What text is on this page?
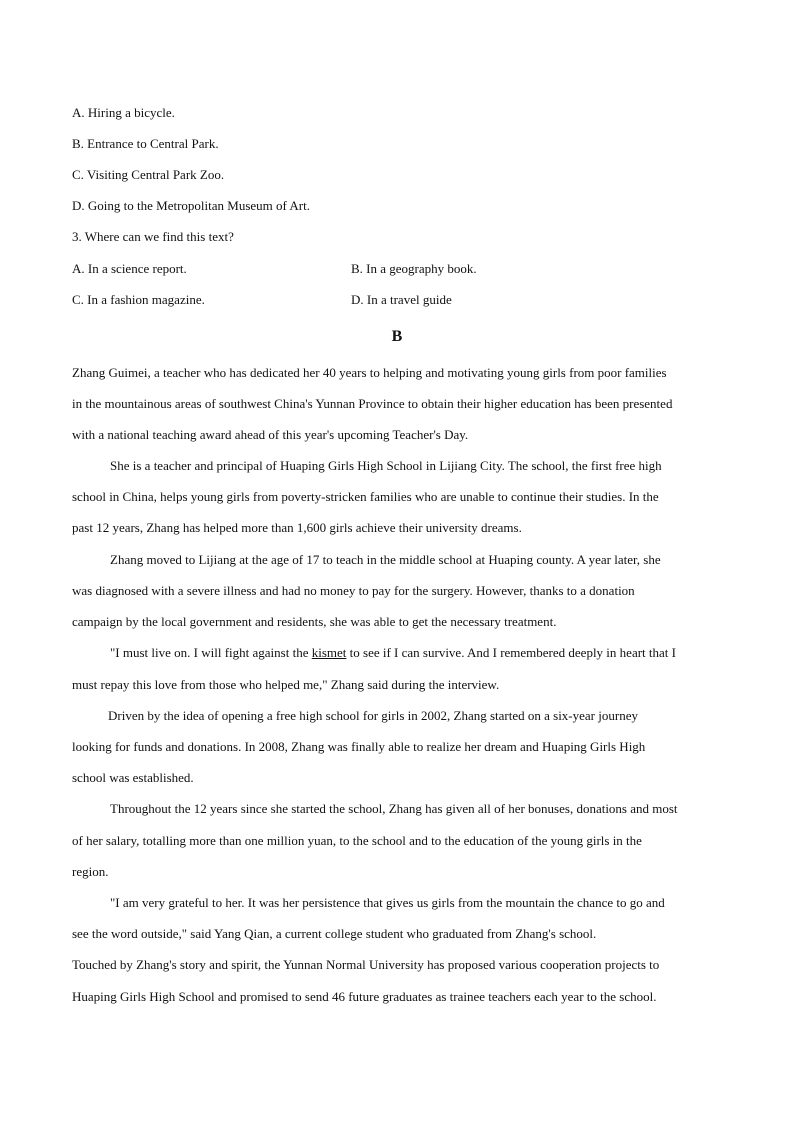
A. Hiring a bicycle.
B. Entrance to Central Park.
C. Visiting Central Park Zoo.
D. Going to the Metropolitan Museum of Art.
3. Where can we find this text?
A. In a science report.	B. In a geography book.
C. In a fashion magazine.	D. In a travel guide
B
Zhang Guimei, a teacher who has dedicated her 40 years to helping and motivating young girls from poor families
in the mountainous areas of southwest China's Yunnan Province to obtain their higher education has been presented
with a national teaching award ahead of this year's upcoming Teacher's Day.
She is a teacher and principal of Huaping Girls High School in Lijiang City. The school, the first free high
school in China, helps young girls from poverty-stricken families who are unable to continue their studies. In the
past 12 years, Zhang has helped more than 1,600 girls achieve their university dreams.
Zhang moved to Lijiang at the age of 17 to teach in the middle school at Huaping county. A year later, she
was diagnosed with a severe illness and had no money to pay for the surgery. However, thanks to a donation
campaign by the local government and residents, she was able to get the necessary treatment.
"I must live on. I will fight against the kismet to see if I can survive. And I remembered deeply in heart that I
must repay this love from those who helped me," Zhang said during the interview.
Driven by the idea of opening a free high school for girls in 2002, Zhang started on a six-year journey
looking for funds and donations. In 2008, Zhang was finally able to realize her dream and Huaping Girls High
school was established.
Throughout the 12 years since she started the school, Zhang has given all of her bonuses, donations and most
of her salary, totalling more than one million yuan, to the school and to the education of the young girls in the
region.
"I am very grateful to her. It was her persistence that gives us girls from the mountain the chance to go and
see the word outside," said Yang Qian, a current college student who graduated from Zhang's school.
Touched by Zhang's story and spirit, the Yunnan Normal University has proposed various cooperation projects to
Huaping Girls High School and promised to send 46 future graduates as trainee teachers each year to the school.
